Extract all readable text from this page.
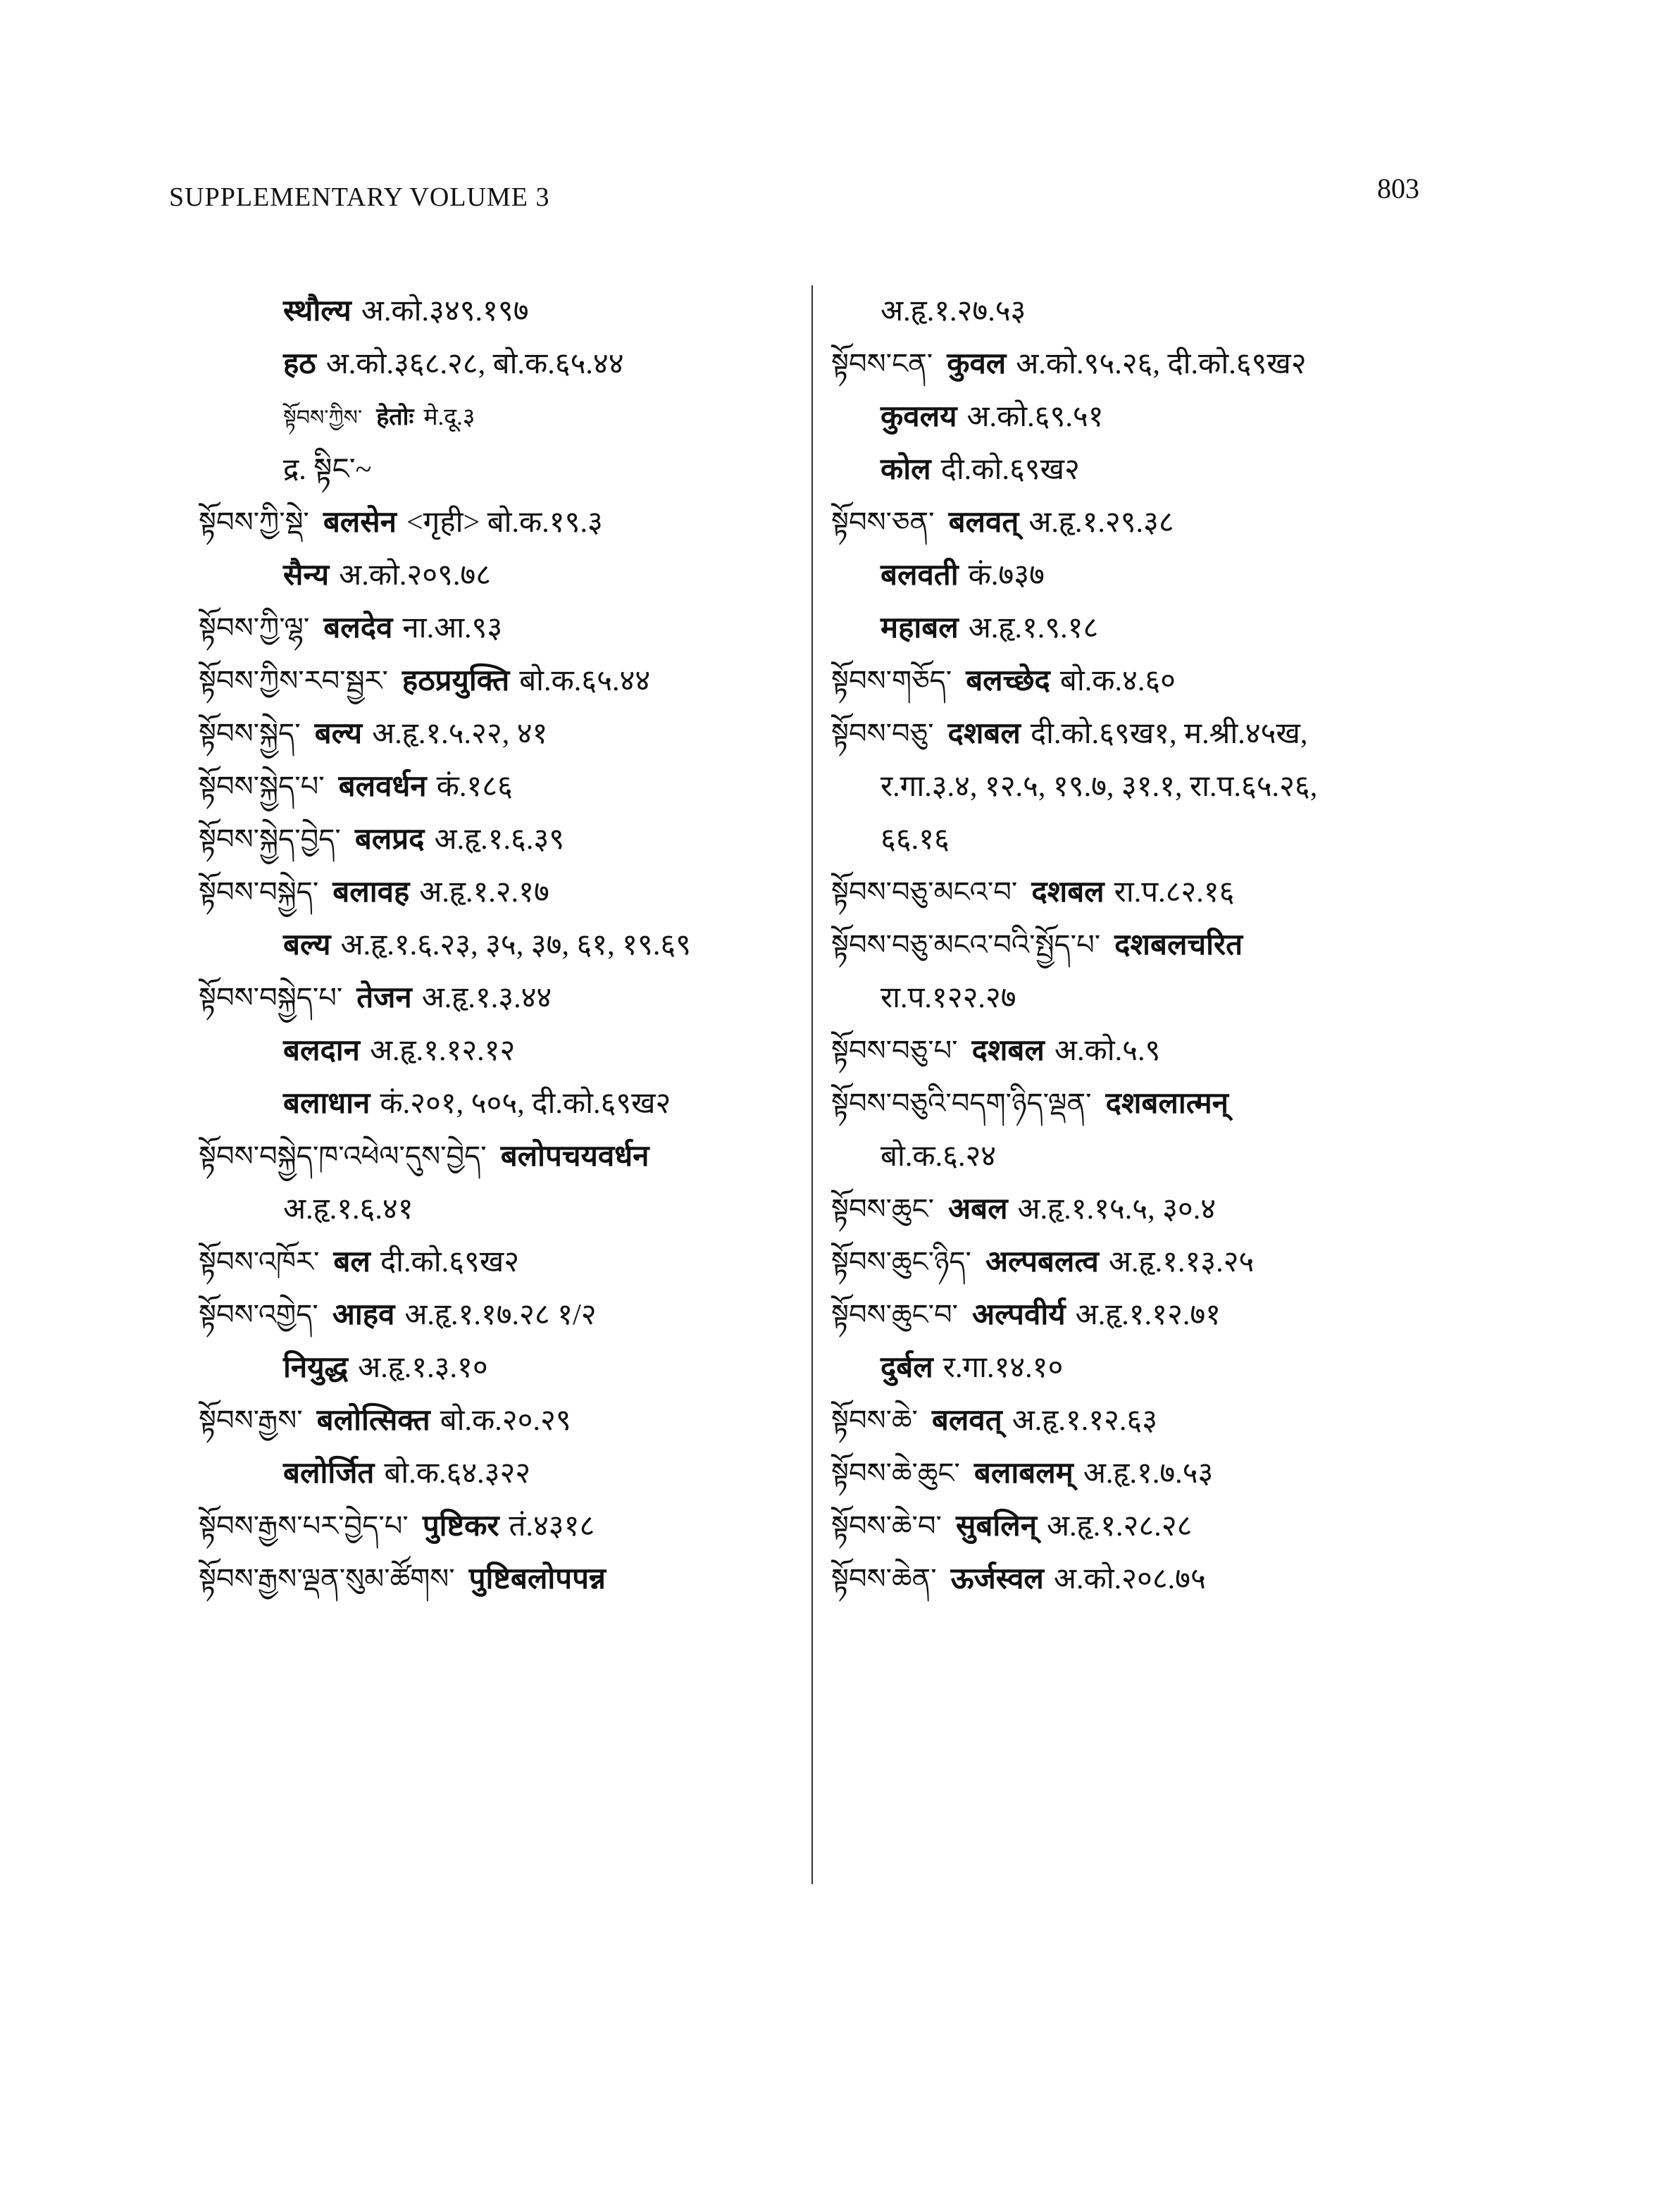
SUPPLEMENTARY VOLUME 3	803
स्थौल्य अ.को.३४९.१९७
हठ अ.को.३६८.२८, बो.क.६५.४४
སྟོབས་ཀྱིས་ हेतोः मे.दू.३
द्र. སྟིང་~
སྟོབས་ཀྱི་སྡེ་ बलसेन <गृही> बो.क.१९.३
सैन्य अ.को.२०९.७८
སྟོབས་ཀྱི་ལྷ་ बलदेव ना.आ.९३
སྟོབས་ཀྱིས་རབ་སྦྱར་ हठप्रयुक्ति बो.क.६५.४४
སྟོབས་སྐྱེད་ बल्य अ.हृ.१.५.२२, ४१
སྟོབས་སྐྱེད་པ་ बलवर्धन कं.१८६
སྟོབས་སྐྱེད་བྱེད་ बलप्रद अ.हृ.१.६.३९
སྟོབས་བསྐྱེད་ बलावह अ.हृ.१.२.१७
बल्य अ.हृ.१.६.२३, ३५, ३७, ६१, १९.६९
སྟོབས་བསྐྱེད་པ་ तेजन अ.हृ.१.३.४४
बलदान अ.हृ.१.१२.१२
बलाधान कं.२०१, ५०५, दी.को.६९ख२
སྟོབས་བསྐྱེད་ཁ་འཕེལ་དུས་བྱེད་ बलोपचयवर्धन
अ.हृ.१.६.४१
སྟོབས་འཁོར་ बल दी.को.६९ख२
སྟོབས་འགྱེད་ आहव अ.हृ.१.१७.२८ १/२
नियुद्ध अ.हृ.१.३.१०
སྟོབས་རྒྱས་ बलोत्सिक्त बो.क.२०.२९
बलोर्जित बो.क.६४.३२२
སྟོབས་རྒྱས་པར་བྱེད་པ་ पुष्टिकर तं.४३१८
སྟོབས་རྒྱས་ལྡན་སུམ་ཚོགས་ पुष्टिबलोपपन्न
अ.हृ.१.२७.५३
སྟོབས་ངན་ कुवल अ.को.९५.२६, दी.को.६९ख२
कुवलय अ.को.६९.५१
कोल दी.को.६९ख२
སྟོབས་ཅན་ बलवत् अ.हृ.१.२९.३८
बलवती कं.७३७
महाबल अ.हृ.१.९.१८
སྟོབས་གཅོད་ बलच्छेद बो.क.४.६०
སྟོབས་བཅུ་ दशबल दी.को.६९ख१, म.श्री.४५ख,
र.गा.३.४, १२.५, १९.७, ३१.१, रा.प.६५.२६,
६६.१६
སྟོབས་བཅུ་མངའ་བ་ दशबल रा.प.८२.१६
སྟོབས་བཅུ་མངའ་བའི་སྤྱོད་པ་ दशबलचरित
रा.प.१२२.२७
སྟོབས་བཅུ་པ་ दशबल अ.को.५.९
སྟོབས་བཅུའི་བདག་ཉིད་ལྡན་ दशबलात्मन्
बो.क.६.२४
སྟོབས་ཆུང་ अबल अ.हृ.१.१५.५, ३०.४
སྟོབས་ཆུང་ཉིད་ अल्पबलत्व अ.हृ.१.१३.२५
སྟོབས་ཆུང་བ་ अल्पवीर्य अ.हृ.१.१२.७१
दुर्बल र.गा.१४.१०
སྟོབས་ཆེ་ बलवत् अ.हृ.१.१२.६३
སྟོབས་ཆེ་ཆུང་ बलाबलम् अ.हृ.१.७.५३
སྟོབས་ཆེ་བ་ सुबलिन् अ.हृ.१.२८.२८
སྟོབས་ཆེན་ ऊर्जस्वल अ.को.२०८.७५
